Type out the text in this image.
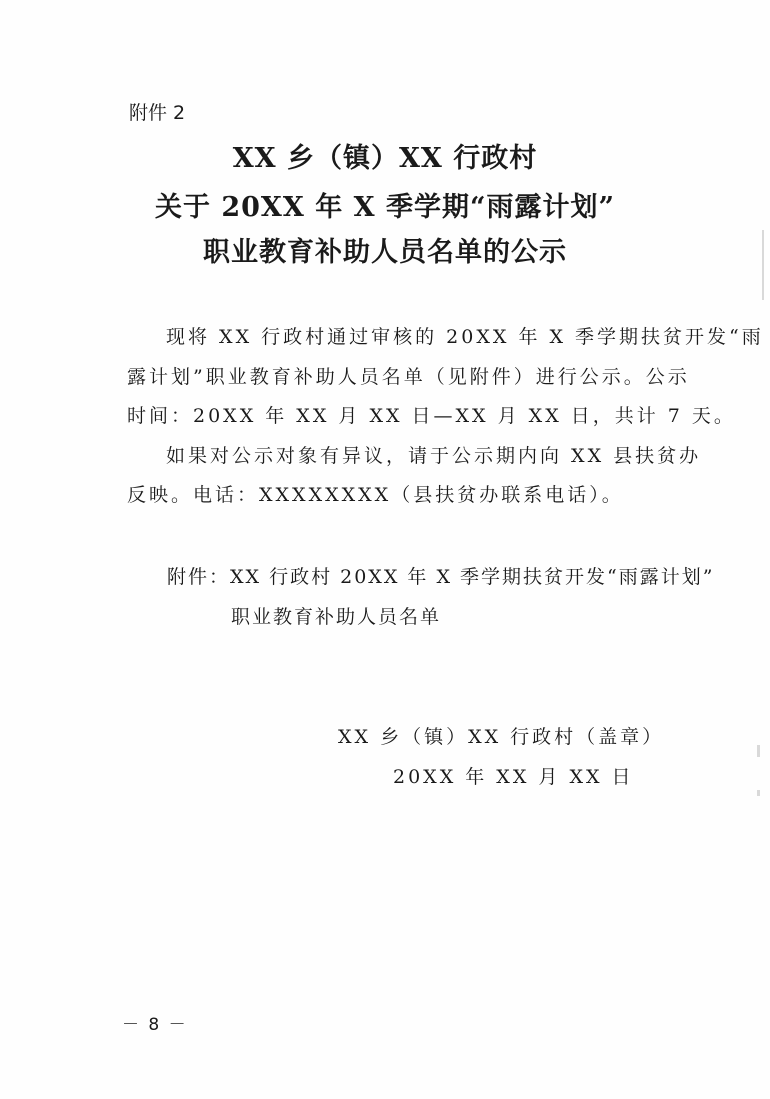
附件 2
XX 乡（镇）XX 行政村
关于 20XX 年 X 季学期“雨露计划”
职业教育补助人员名单的公示
现将 XX 行政村通过审核的 20XX 年 X 季学期扶贫开发“雨
露计划”职业教育补助人员名单（见附件）进行公示。公示
时间：20XX 年 XX 月 XX 日—XX 月 XX 日，共计 7 天。
如果对公示对象有异议，请于公示期内向 XX 县扶贫办
反映。电话：XXXXXXXX（县扶贫办联系电话）。
附件：XX 行政村 20XX 年 X 季学期扶贫开发“雨露计划”
职业教育补助人员名单
XX 乡（镇）XX 行政村（盖章）
20XX 年 XX 月 XX 日
－ 8 －
